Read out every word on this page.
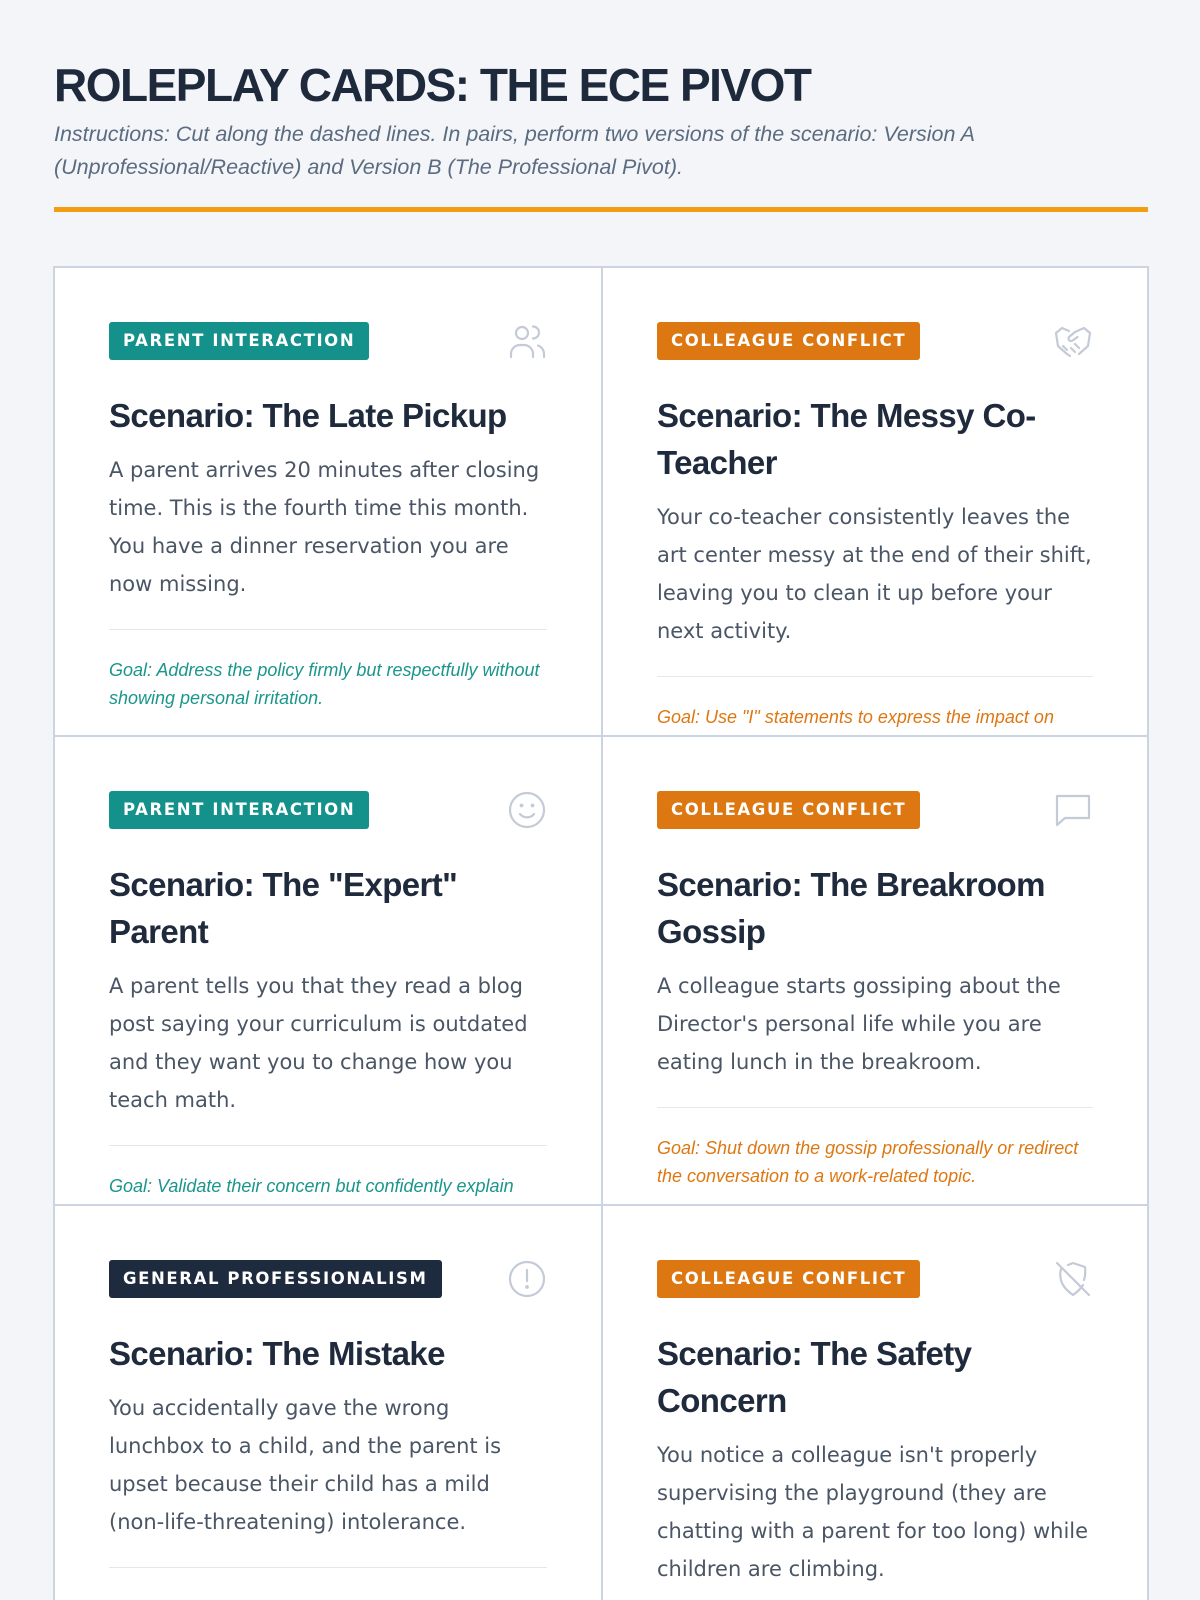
ROLEPLAY CARDS: THE ECE PIVOT

Instructions: Cut along the dashed lines. In pairs, perform two versions of the scenario: Version A (Unprofessional/Reactive) and Version B (The Professional Pivot).

PARENT INTERACTION
Scenario: The Late Pickup

A parent arrives 20 minutes after closing time. This is the fourth time this month. You have a dinner reservation you are now missing.

Goal: Address the policy firmly but respectfully without showing personal irritation.

COLLEAGUE CONFLICT
Scenario: The Messy Co-Teacher

Your co-teacher consistently leaves the art center messy at the end of their shift, leaving you to clean it up before your next activity.

Goal: Use "I" statements to express the impact on

PARENT INTERACTION
Scenario: The "Expert" Parent

A parent tells you that they read a blog post saying your curriculum is outdated and they want you to change how you teach math.

Goal: Validate their concern but confidently explain

COLLEAGUE CONFLICT
Scenario: The Breakroom Gossip

A colleague starts gossiping about the Director's personal life while you are eating lunch in the breakroom.

Goal: Shut down the gossip professionally or redirect the conversation to a work-related topic.

GENERAL PROFESSIONALISM
Scenario: The Mistake

You accidentally gave the wrong lunchbox to a child, and the parent is upset because their child has a mild (non-life-threatening) intolerance.

COLLEAGUE CONFLICT
Scenario: The Safety Concern

You notice a colleague isn't properly supervising the playground (they are chatting with a parent for too long) while children are climbing.
